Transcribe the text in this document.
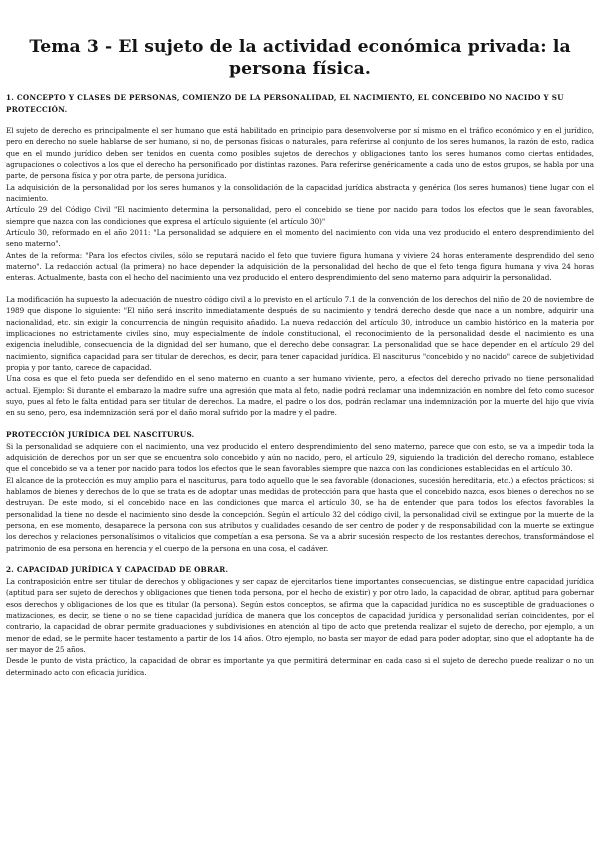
Tema 3 - El sujeto de la actividad económica privada: la persona física.
1. CONCEPTO Y CLASES DE PERSONAS, COMIENZO DE LA PERSONALIDAD, EL NACIMIENTO, EL CONCEBIDO NO NACIDO Y SU PROTECCIÓN.

El sujeto de derecho es principalmente el ser humano que está habilitado en principio para desenvolverse por sí mismo en el tráfico económico y en el jurídico, pero en derecho no suele hablarse de ser humano, si no, de personas físicas o naturales, para referirse al conjunto de los seres humanos, la razón de esto, radica que en el mundo jurídico deben ser tenidos en cuenta como posibles sujetos de derechos y obligaciones tanto los seres humanos como ciertas entidades, agrupaciones o colectivos a los que el derecho ha personificado por distintas razones. Para referirse genéricamente a cada uno de estos grupos, se habla por una parte, de persona física y por otra parte, de persona jurídica.

La adquisición de la personalidad por los seres humanos y la consolidación de la capacidad jurídica abstracta y genérica (los seres humanos) tiene lugar con el nacimiento.

Artículo 29 del Código Civil "El nacimiento determina la personalidad, pero el concebido se tiene por nacido para todos los efectos que le sean favorables, siempre que nazca con las condiciones que expresa el artículo siguiente (el artículo 30)"

Artículo 30, reformado en el año 2011: "La personalidad se adquiere en el momento del nacimiento con vida una vez producido el entero desprendimiento del seno materno".

Antes de la reforma: "Para los efectos civiles, sólo se reputará nacido el feto que tuviere figura humana y viviere 24 horas enteramente desprendido del seno materno". La redacción actual (la primera) no hace depender la adquisición de la personalidad del hecho de que el feto tenga figura humana y viva 24 horas enteras. Actualmente, basta con el hecho del nacimiento una vez producido el entero desprendimiento del seno materno para adquirir la personalidad.

La modificación ha supuesto la adecuación de nuestro código civil a lo previsto en el artículo 7.1 de la convención de los derechos del niño de 20 de noviembre de 1989 que dispone lo siguiente: "El niño será inscrito inmediatamente después de su nacimiento y tendrá derecho desde que nace a un nombre, adquirir una nacionalidad, etc. sin exigir la concurrencia de ningún requisito añadido. La nueva redacción del artículo 30, introduce un cambio histórico en la materia por implicaciones no estrictamente civiles sino, muy especialmente de índole constitucional, el reconocimiento de la personalidad desde el nacimiento es una exigencia ineludible, consecuencia de la dignidad del ser humano, que el derecho debe consagrar. La personalidad que se hace depender en el artículo 29 del nacimiento, significa capacidad para ser titular de derechos, es decir, para tener capacidad jurídica. El nasciturus "concebido y no nacido" carece de subjetividad propia y por tanto, carece de capacidad.

Una cosa es que el feto pueda ser defendido en el seno materno en cuanto a ser humano viviente, pero, a efectos del derecho privado no tiene personalidad actual. Ejemplo: Si durante el embarazo la madre sufre una agresión que mata al feto, nadie podrá reclamar una indemnización en nombre del feto como sucesor suyo, pues al feto le falta entidad para ser titular de derechos. La madre, el padre o los dos, podrán reclamar una indemnización por la muerte del hijo que vivía en su seno, pero, esa indemnización será por el daño moral sufrido por la madre y el padre.

PROTECCIÓN JURÍDICA DEL NASCITURUS.

Si la personalidad se adquiere con el nacimiento, una vez producido el entero desprendimiento del seno materno, parece que con esto, se va a impedir toda la adquisición de derechos por un ser que se encuentra solo concebido y aún no nacido, pero, el artículo 29, siguiendo la tradición del derecho romano, establece que el concebido se va a tener por nacido para todos los efectos que le sean favorables siempre que nazca con las condiciones establecidas en el artículo 30.

El alcance de la protección es muy amplio para el nasciturus, para todo aquello que le sea favorable (donaciones, sucesión hereditaria, etc.) a efectos prácticos: si hablamos de bienes y derechos de lo que se trata es de adoptar unas medidas de protección para que hasta que el concebido nazca, esos bienes o derechos no se destruyan. De este modo, si el concebido nace en las condiciones que marca el artículo 30, se ha de entender que para todos los efectos favorables la personalidad la tiene no desde el nacimiento sino desde la concepción. Según el artículo 32 del código civil, la personalidad civil se extingue por la muerte de la persona, en ese momento, desaparece la persona con sus atributos y cualidades cesando de ser centro de poder y de responsabilidad con la muerte se extingue los derechos y relaciones personalísimos o vitalicios que competían a esa persona. Se va a abrir sucesión respecto de los restantes derechos, transformándose el patrimonio de esa persona en herencia y el cuerpo de la persona en una cosa, el cadáver.

2. CAPACIDAD JURÍDICA Y CAPACIDAD DE OBRAR.

La contraposición entre ser titular de derechos y obligaciones y ser capaz de ejercitarlos tiene importantes consecuencias, se distingue entre capacidad jurídica (aptitud para ser sujeto de derechos y obligaciones que tienen toda persona, por el hecho de existir) y por otro lado, la capacidad de obrar, aptitud para gobernar esos derechos y obligaciones de los que es titular (la persona). Según estos conceptos, se afirma que la capacidad jurídica no es susceptible de graduaciones o matizaciones, es decir, se tiene o no se tiene capacidad jurídica de manera que los conceptos de capacidad jurídica y personalidad serían coincidentes, por el contrario, la capacidad de obrar permite graduaciones y subdivisiones en atención al tipo de acto que pretenda realizar el sujeto de derecho, por ejemplo, a un menor de edad, se le permite hacer testamento a partir de los 14 años. Otro ejemplo, no basta ser mayor de edad para poder adoptar, sino que el adoptante ha de ser mayor de 25 años.

Desde le punto de vista práctico, la capacidad de obrar es importante ya que permitirá determinar en cada caso si el sujeto de derecho puede realizar o no un determinado acto con eficacia jurídica.
